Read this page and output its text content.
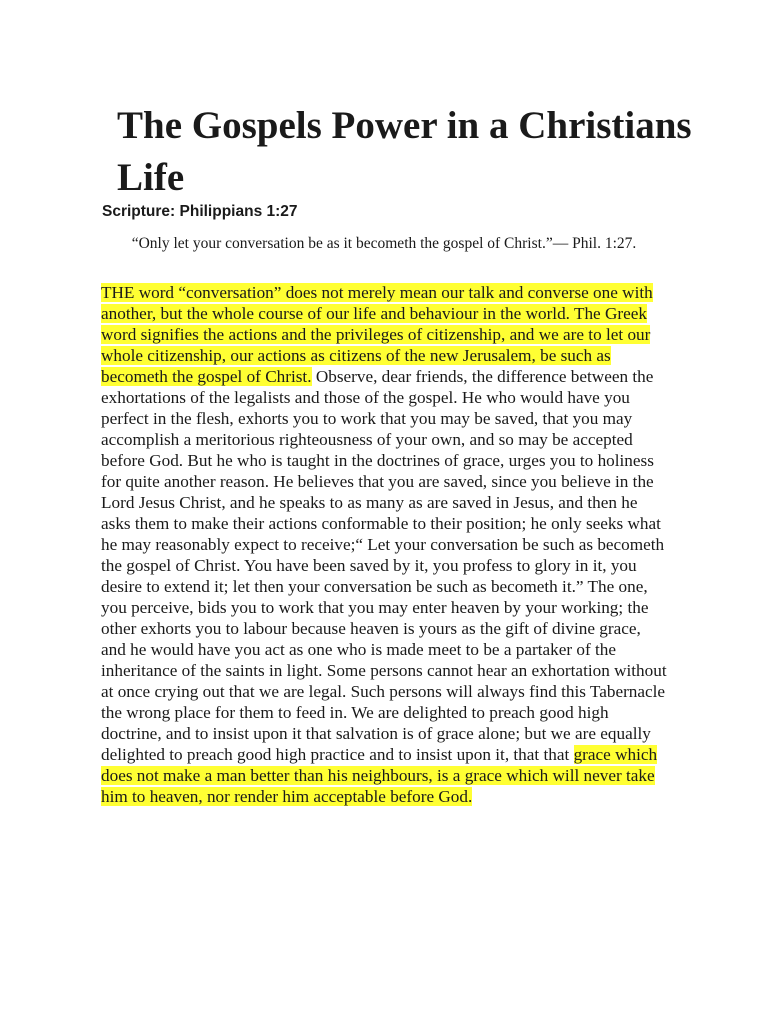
The Gospels Power in a Christians Life

Scripture: Philippians 1:27

“Only let your conversation be as it becometh the gospel of Christ.”— Phil. 1:27.

THE word “conversation” does not merely mean our talk and converse one with another, but the whole course of our life and behaviour in the world. The Greek word signifies the actions and the privileges of citizenship, and we are to let our whole citizenship, our actions as citizens of the new Jerusalem, be such as becometh the gospel of Christ. Observe, dear friends, the difference between the exhortations of the legalists and those of the gospel. He who would have you perfect in the flesh, exhorts you to work that you may be saved, that you may accomplish a meritorious righteousness of your own, and so may be accepted before God. But he who is taught in the doctrines of grace, urges you to holiness for quite another reason. He believes that you are saved, since you believe in the Lord Jesus Christ, and he speaks to as many as are saved in Jesus, and then he asks them to make their actions conformable to their position; he only seeks what he may reasonably expect to receive;“ Let your conversation be such as becometh the gospel of Christ. You have been saved by it, you profess to glory in it, you desire to extend it; let then your conversation be such as becometh it.” The one, you perceive, bids you to work that you may enter heaven by your working; the other exhorts you to labour because heaven is yours as the gift of divine grace, and he would have you act as one who is made meet to be a partaker of the inheritance of the saints in light. Some persons cannot hear an exhortation without at once crying out that we are legal. Such persons will always find this Tabernacle the wrong place for them to feed in. We are delighted to preach good high doctrine, and to insist upon it that salvation is of grace alone; but we are equally delighted to preach good high practice and to insist upon it, that that grace which does not make a man better than his neighbours, is a grace which will never take him to heaven, nor render him acceptable before God.
